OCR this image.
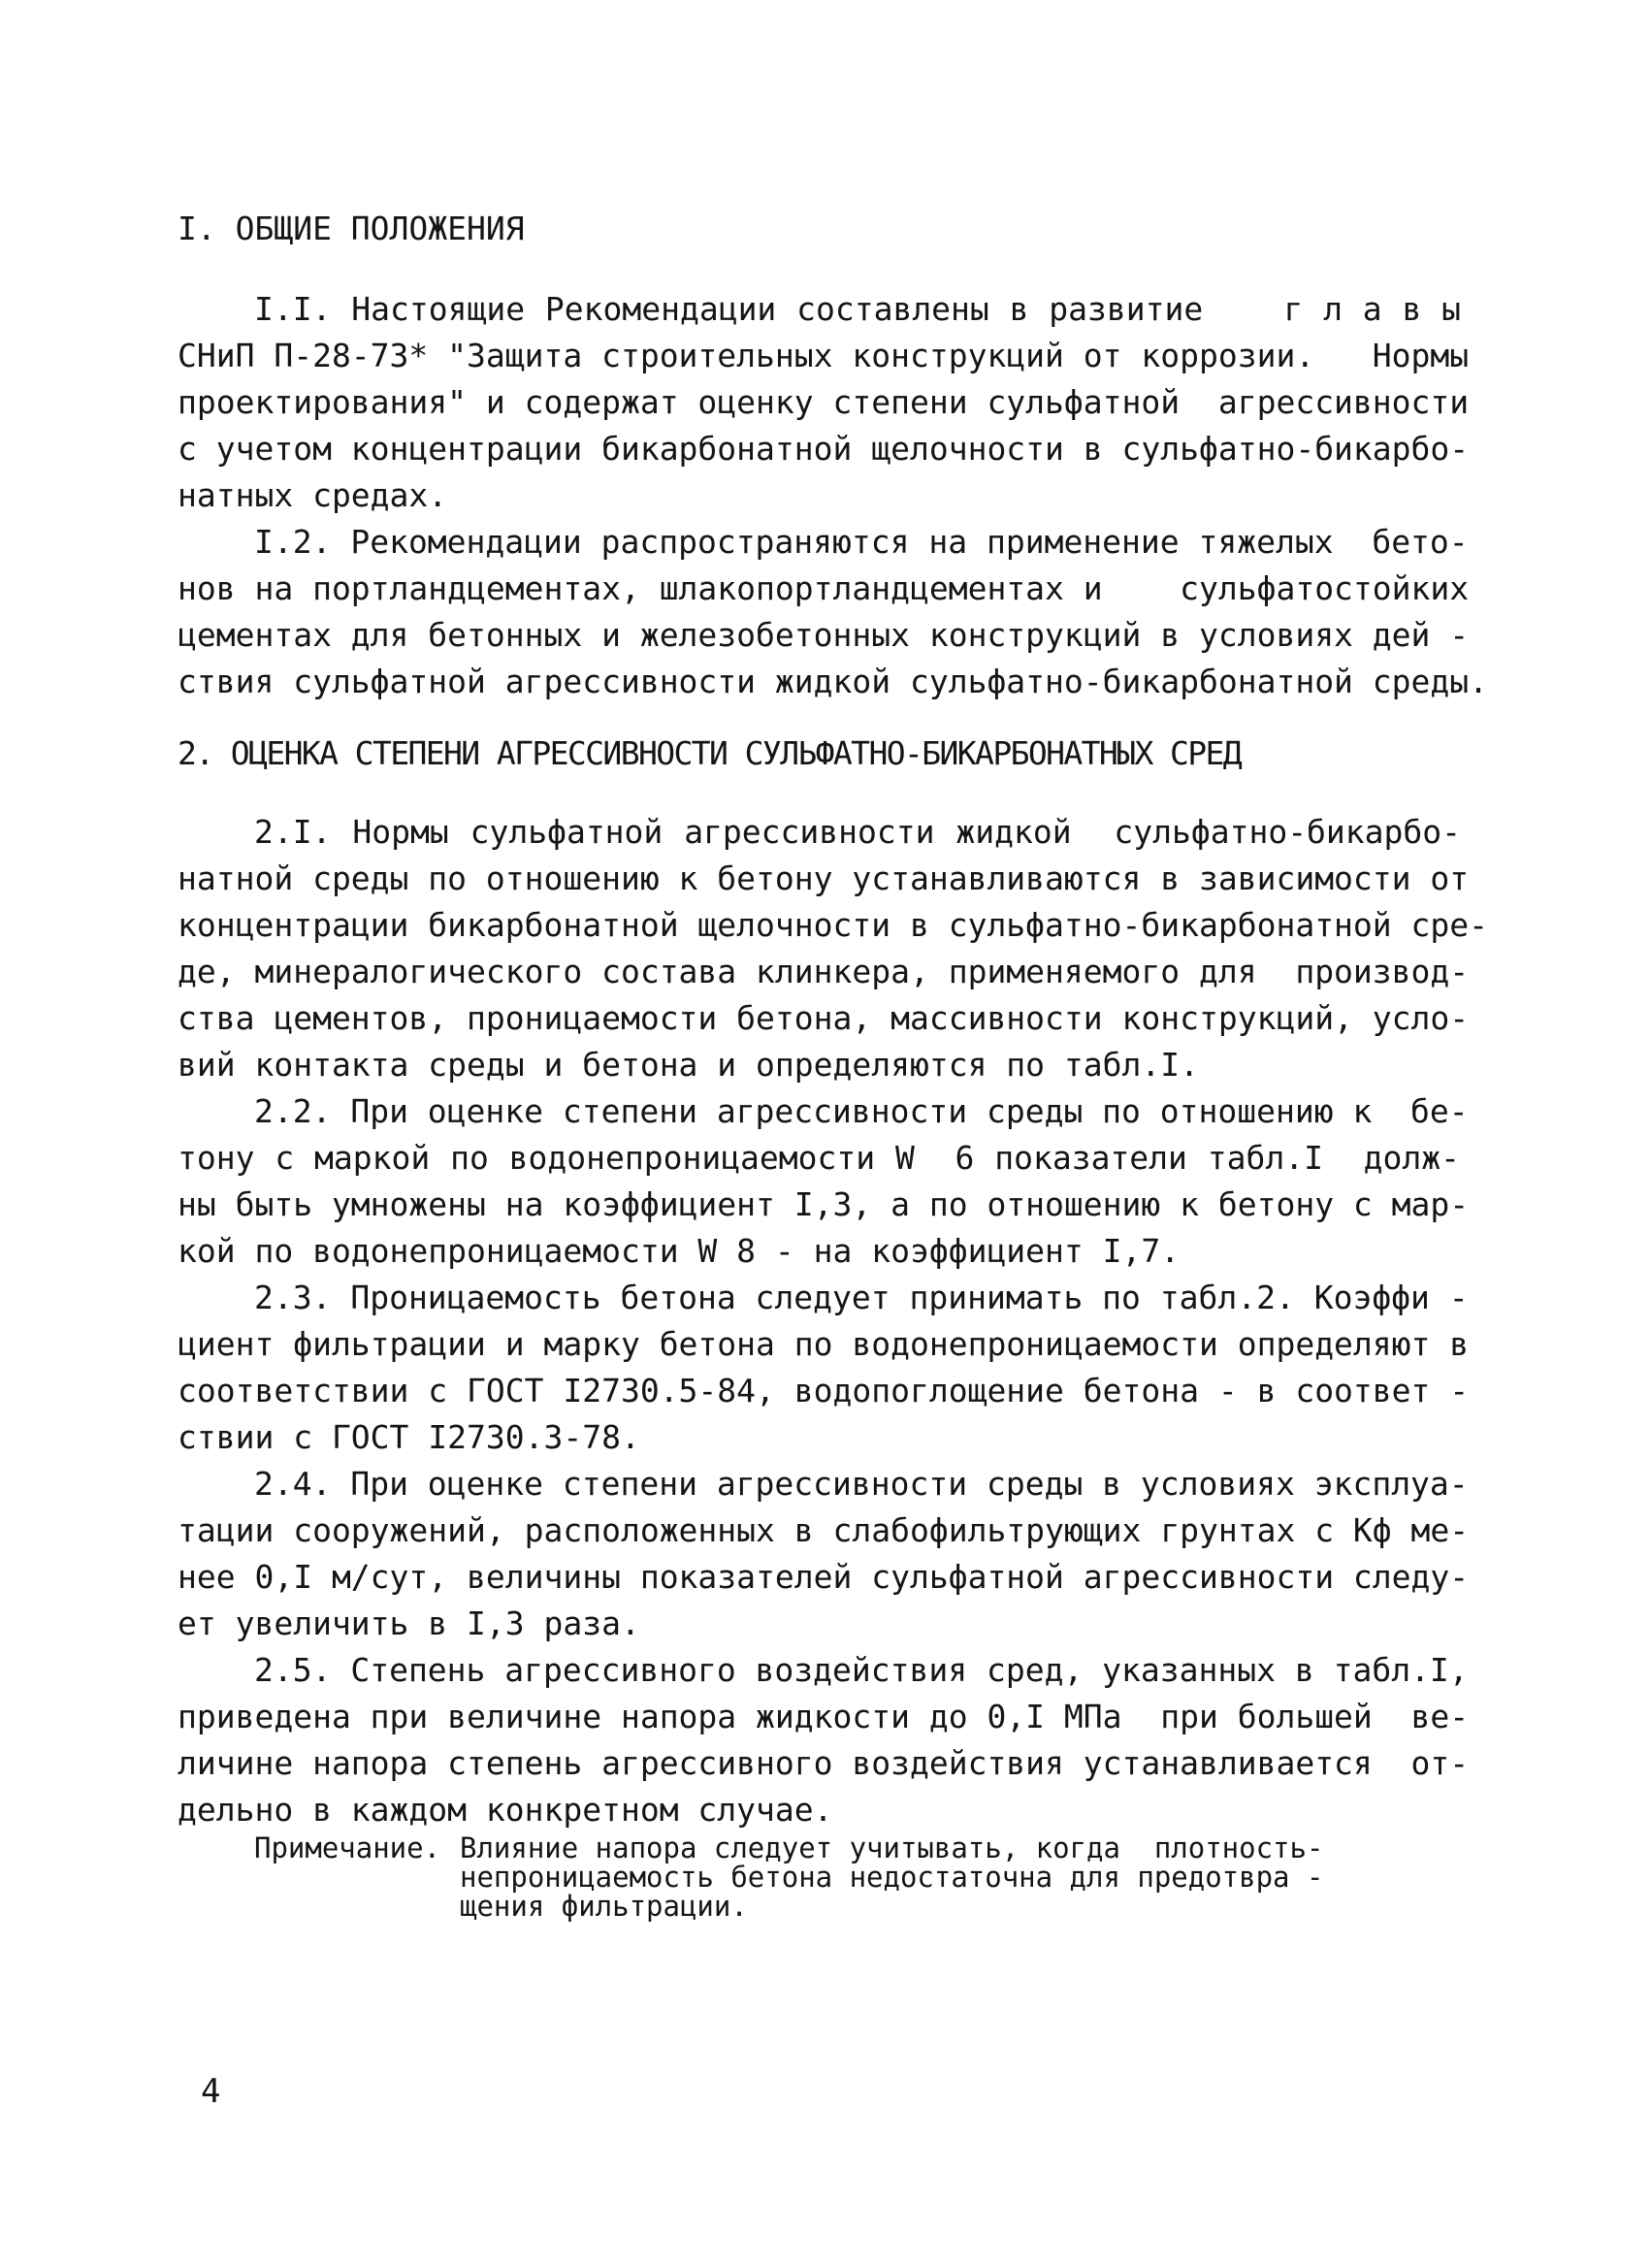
I. ОБЩИЕ ПОЛОЖЕНИЯ
I.I. Настоящие Рекомендации составлены в развитие    г л а в ы
СНиП П-28-73* "Защита строительных конструкций от коррозии.   Нормы
проектирования" и содержат оценку степени сульфатной  агрессивности
с учетом концентрации бикарбонатной щелочности в сульфатно-бикарбо-
натных средах.
I.2. Рекомендации распространяются на применение тяжелых  бето-
нов на портландцементах, шлакопортландцементах и    сульфатостойких
цементах для бетонных и железобетонных конструкций в условиях дей -
ствия сульфатной агрессивности жидкой сульфатно-бикарбонатной среды.
2. ОЦЕНКА СТЕПЕНИ АГРЕССИВНОСТИ СУЛЬФАТНО-БИКАРБОНАТНЫХ СРЕД
2.I. Нормы сульфатной агрессивности жидкой  сульфатно-бикарбо-
натной среды по отношению к бетону устанавливаются в зависимости от
концентрации бикарбонатной щелочности в сульфатно-бикарбонатной сре-
де, минералогического состава клинкера, применяемого для  производ-
ства цементов, проницаемости бетона, массивности конструкций, усло-
вий контакта среды и бетона и определяются по табл.I.
2.2. При оценке степени агрессивности среды по отношению к  бе-
тону с маркой по водонепроницаемости W  6 показатели табл.I  долж-
ны быть умножены на коэффициент I,3, а по отношению к бетону с мар-
кой по водонепроницаемости W 8 - на коэффициент I,7.
2.3. Проницаемость бетона следует принимать по табл.2. Коэффи -
циент фильтрации и марку бетона по водонепроницаемости определяют в
соответствии с ГОСТ I2730.5-84, водопоглощение бетона - в соответ -
ствии с ГОСТ I2730.3-78.
2.4. При оценке степени агрессивности среды в условиях эксплуа-
тации сооружений, расположенных в слабофильтрующих грунтах с Кф ме-
нее 0,I м/сут, величины показателей сульфатной агрессивности следу-
ет увеличить в I,3 раза.
2.5. Степень агрессивного воздействия сред, указанных в табл.I,
приведена при величине напора жидкости до 0,I МПа  при большей  ве-
личине напора степень агрессивного воздействия устанавливается  от-
дельно в каждом конкретном случае.
Примечание. Влияние напора следует учитывать, когда  плотность-
непроницаемость бетона недостаточна для предотвра -
щения фильтрации.
4
